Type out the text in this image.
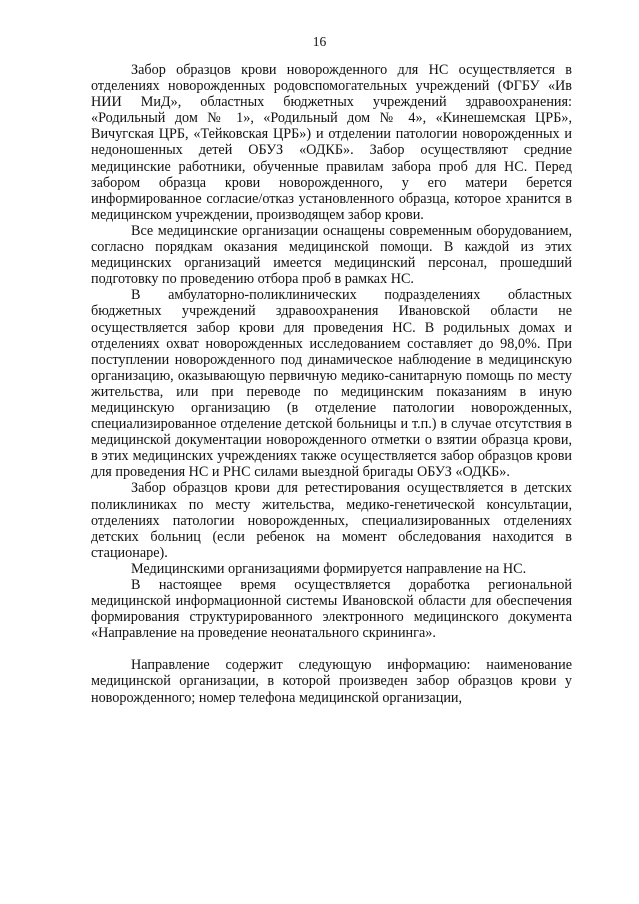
16

Забор образцов крови новорожденного для НС осуществляется в отделениях новорожденных родовспомогательных учреждений (ФГБУ «Ив НИИ МиД», областных бюджетных учреждений здравоохранения: «Родильный дом № 1», «Родильный дом № 4», «Кинешемская ЦРБ», Вичугская ЦРБ, «Тейковская ЦРБ») и отделении патологии новорожденных и недоношенных детей ОБУЗ «ОДКБ». Забор осуществляют средние медицинские работники, обученные правилам забора проб для НС. Перед забором образца крови новорожденного, у его матери берется информированное согласие/отказ установленного образца, которое хранится в медицинском учреждении, производящем забор крови.

Все медицинские организации оснащены современным оборудованием, согласно порядкам оказания медицинской помощи. В каждой из этих медицинских организаций имеется медицинский персонал, прошедший подготовку по проведению отбора проб в рамках НС.

В амбулаторно-поликлинических подразделениях областных бюджетных учреждений здравоохранения Ивановской области не осуществляется забор крови для проведения НС. В родильных домах и отделениях охват новорожденных исследованием составляет до 98,0%. При поступлении новорожденного под динамическое наблюдение в медицинскую организацию, оказывающую первичную медико-санитарную помощь по месту жительства, или при переводе по медицинским показаниям в иную медицинскую организацию (в отделение патологии новорожденных, специализированное отделение детской больницы и т.п.) в случае отсутствия в медицинской документации новорожденного отметки о взятии образца крови, в этих медицинских учреждениях также осуществляется забор образцов крови для проведения НС и РНС силами выездной бригады ОБУЗ «ОДКБ».

Забор образцов крови для ретестирования осуществляется в детских поликлиниках по месту жительства, медико-генетической консультации, отделениях патологии новорожденных, специализированных отделениях детских больниц (если ребенок на момент обследования находится в стационаре).

Медицинскими организациями формируется направление на НС.

В настоящее время осуществляется доработка региональной медицинской информационной системы Ивановской области для обеспечения формирования структурированного электронного медицинского документа «Направление на проведение неонатального скрининга».

Направление содержит следующую информацию: наименование медицинской организации, в которой произведен забор образцов крови у новорожденного; номер телефона медицинской организации,
